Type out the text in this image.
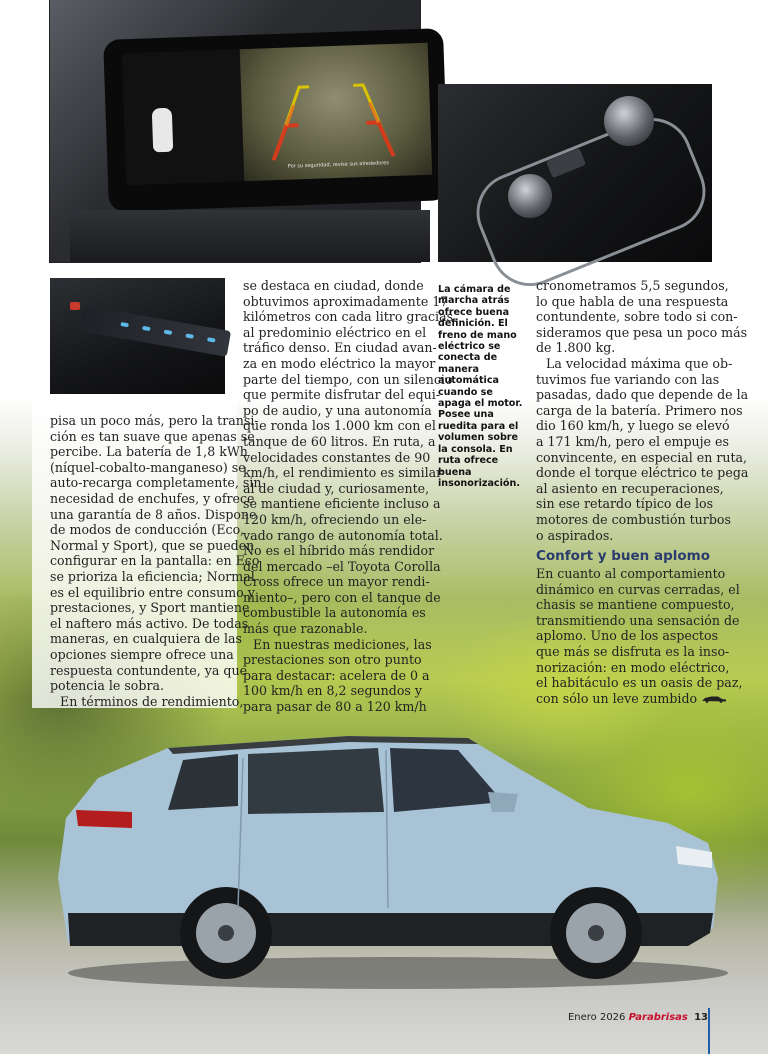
Por su seguridad, revise sus alrededores
pisa un poco más, pero la transi-
ción es tan suave que apenas se
percibe. La batería de 1,8 kWh
(níquel-cobalto-manganeso) se
auto-recarga completamente, sin
necesidad de enchufes, y ofrece
una garantía de 8 años. Dispone
de modos de conducción (Eco,
Normal y Sport), que se pueden
configurar en la pantalla: en Eco
se prioriza la eficiencia; Normal
es el equilibrio entre consumo y
prestaciones, y Sport mantiene
el naftero más activo. De todas
maneras, en cualquiera de las
opciones siempre ofrece una
respuesta contundente, ya que
potencia le sobra.
En términos de rendimiento,
se destaca en ciudad, donde
obtuvimos aproximadamente 17
kilómetros con cada litro gracias
al predominio eléctrico en el
tráfico denso. En ciudad avan-
za en modo eléctrico la mayor
parte del tiempo, con un silencio
que permite disfrutar del equi-
po de audio, y una autonomía
que ronda los 1.000 km con el
tanque de 60 litros. En ruta, a
velocidades constantes de 90
km/h, el rendimiento es similar
al de ciudad y, curiosamente,
se mantiene eficiente incluso a
120 km/h, ofreciendo un ele-
vado rango de autonomía total.
No es el híbrido más rendidor
del mercado –el Toyota Corolla
Cross ofrece un mayor rendi-
miento–, pero con el tanque de
combustible la autonomía es
más que razonable.
En nuestras mediciones, las
prestaciones son otro punto
para destacar: acelera de 0 a
100 km/h en 8,2 segundos y
para pasar de 80 a 120 km/h
La cámara de
marcha atrás
ofrece buena
definición. El
freno de mano
eléctrico se
conecta de
manera
automática
cuando se
apaga el motor.
Posee una
ruedita para el
volumen sobre
la consola. En
ruta ofrece
buena
insonorización.
cronometramos 5,5 segundos,
lo que habla de una respuesta
contundente, sobre todo si con-
sideramos que pesa un poco más
de 1.800 kg.
La velocidad máxima que ob-
tuvimos fue variando con las
pasadas, dado que depende de la
carga de la batería. Primero nos
dio 160 km/h, y luego se elevó
a 171 km/h, pero el empuje es
convincente, en especial en ruta,
donde el torque eléctrico te pega
al asiento en recuperaciones,
sin ese retardo típico de los
motores de combustión turbos
o aspirados.
Confort y buen aplomo
En cuanto al comportamiento
dinámico en curvas cerradas, el
chasis se mantiene compuesto,
transmitiendo una sensación de
aplomo. Uno de los aspectos
que más se disfruta es la inso-
norización: en modo eléctrico,
el habitáculo es un oasis de paz,
con sólo un leve zumbido
Enero 2026 Parabrisas 13
